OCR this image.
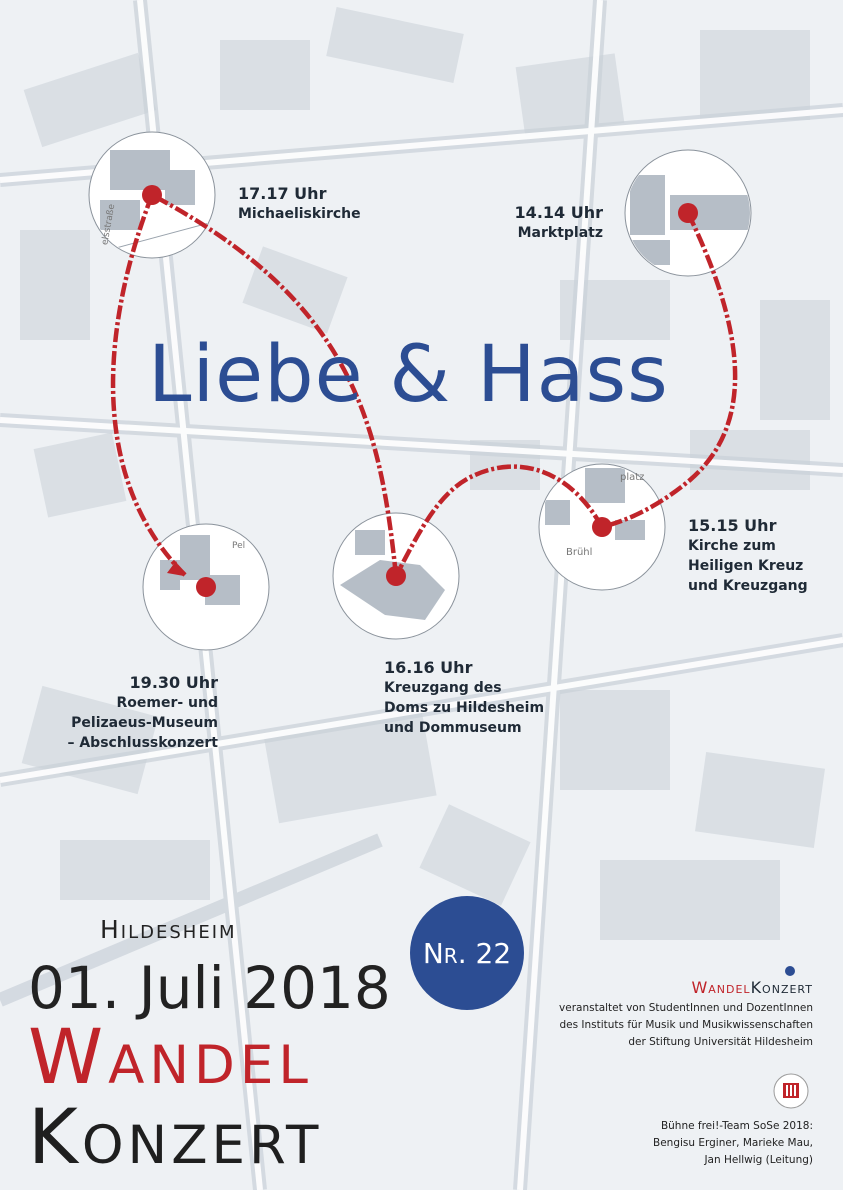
elsstraße
Brühl
platz
Pel
Liebe & Hass
17.17 Uhr
Michaeliskirche	14.14 Uhr
Marktplatz
15.15 Uhr
Kirche zum
Heiligen Kreuz
und Kreuzgang
16.16 Uhr
Kreuzgang des
Doms zu Hildesheim
und Dommuseum
19.30 Uhr
Roemer- und
Pelizaeus-Museum
– Abschlusskonzert
Hildesheim
01. Juli 2018
Wandel
Konzert
Nr. 22
WandelKonzert
veranstaltet von StudentInnen und DozentInnen
des Instituts für Musik und Musikwissenschaften
der Stiftung Universität Hildesheim
Bühne frei!-Team SoSe 2018:
Bengisu Erginer, Marieke Mau,
Jan Hellwig (Leitung)
